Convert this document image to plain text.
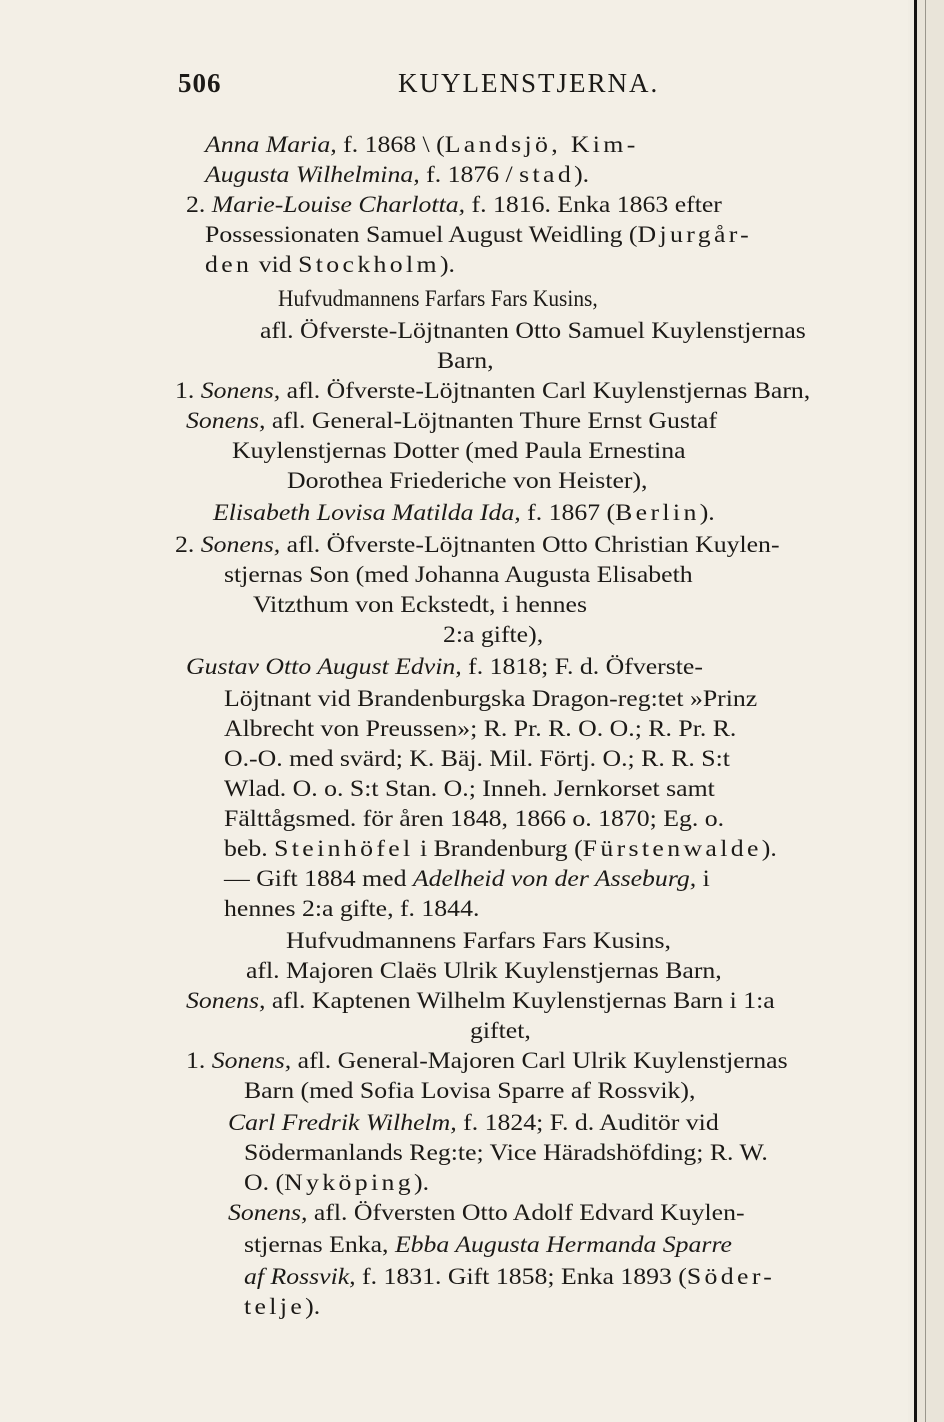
506	KUYLENSTJERNA.
Anna Maria, f. 1868 \ (Landsjö, Kim-
Augusta Wilhelmina, f. 1876 / stad).
2. Marie-Louise Charlotta, f. 1816. Enka 1863 efter
Possessionaten Samuel August Weidling (Djurgår-
den vid Stockholm).
Hufvudmannens Farfars Fars Kusins,
afl. Öfverste-Löjtnanten Otto Samuel Kuylenstjernas
Barn,
1. Sonens, afl. Öfverste-Löjtnanten Carl Kuylenstjernas Barn,
Sonens, afl. General-Löjtnanten Thure Ernst Gustaf
Kuylenstjernas Dotter (med Paula Ernestina
Dorothea Friederiche von Heister),
Elisabeth Lovisa Matilda Ida, f. 1867 (Berlin).
2. Sonens, afl. Öfverste-Löjtnanten Otto Christian Kuylen-
stjernas Son (med Johanna Augusta Elisabeth
Vitzthum von Eckstedt, i hennes
2:a gifte),
Gustav Otto August Edvin, f. 1818; F. d. Öfverste-
Löjtnant vid Brandenburgska Dragon-reg:tet »Prinz
Albrecht von Preussen»; R. Pr. R. O. O.; R. Pr. R.
O.-O. med svärd; K. Bäj. Mil. Förtj. O.; R. R. S:t
Wlad. O. o. S:t Stan. O.; Inneh. Jernkorset samt
Fälttågsmed. för åren 1848, 1866 o. 1870; Eg. o.
beb. Steinhöfel i Brandenburg (Fürstenwalde).
— Gift 1884 med Adelheid von der Asseburg, i
hennes 2:a gifte, f. 1844.
Hufvudmannens Farfars Fars Kusins,
afl. Majoren Claës Ulrik Kuylenstjernas Barn,
Sonens, afl. Kaptenen Wilhelm Kuylenstjernas Barn i 1:a
giftet,
1. Sonens, afl. General-Majoren Carl Ulrik Kuylenstjernas
Barn (med Sofia Lovisa Sparre af Rossvik),
Carl Fredrik Wilhelm, f. 1824; F. d. Auditör vid
Södermanlands Reg:te; Vice Häradshöfding; R. W.
O. (Nyköping).
Sonens, afl. Öfversten Otto Adolf Edvard Kuylen-
stjernas Enka, Ebba Augusta Hermanda Sparre
af Rossvik, f. 1831. Gift 1858; Enka 1893 (Söder-
telje).
